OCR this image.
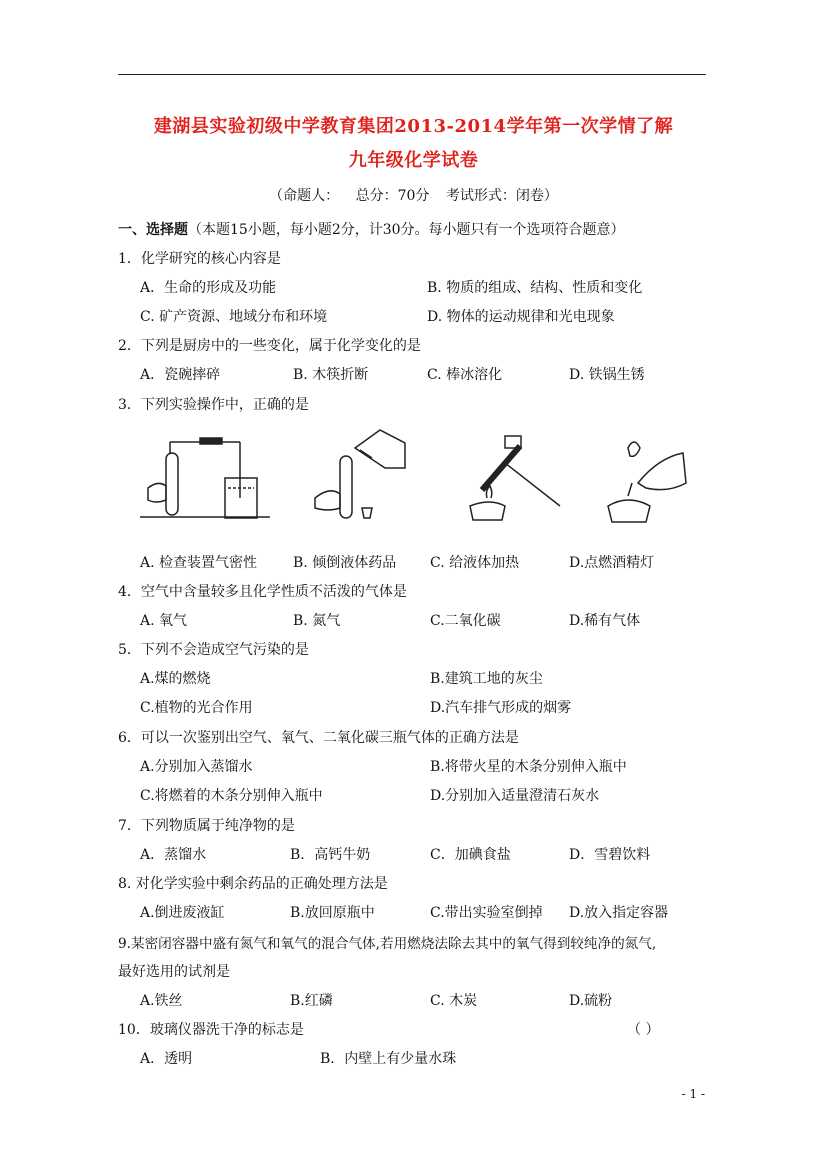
建湖县实验初级中学教育集团2013-2014学年第一次学情了解
九年级化学试卷
（命题人： 总分：70分 考试形式：闭卷）
一、选择题（本题15小题，每小题2分，计30分。每小题只有一个选项符合题意）
1．化学研究的核心内容是
A．生命的形成及功能	B. 物质的组成、结构、性质和变化
C. 矿产资源、地域分布和环境	D. 物体的运动规律和光电现象
2．下列是厨房中的一些变化，属于化学变化的是
A．瓷碗摔碎	B. 木筷折断	C. 棒冰溶化	D. 铁锅生锈
3．下列实验操作中，正确的是
A. 检查装置气密性	B. 倾倒液体药品 C. 给液体加热	D.点燃酒精灯
4．空气中含量较多且化学性质不活泼的气体是
A. 氧气	B. 氮气	C.二氧化碳	D.稀有气体
5．下列不会造成空气污染的是
A.煤的燃烧	B.建筑工地的灰尘
C.植物的光合作用	D.汽车排气形成的烟雾
6．可以一次鉴别出空气、氧气、二氧化碳三瓶气体的正确方法是
A.分别加入蒸馏水	B.将带火星的木条分别伸入瓶中
C.将燃着的木条分别伸入瓶中	D.分别加入适量澄清石灰水
7．下列物质属于纯净物的是
A．蒸馏水	B．高钙牛奶	C．加碘食盐	D．雪碧饮料
8. 对化学实验中剩余药品的正确处理方法是
A.倒进废液缸	B.放回原瓶中	C.带出实验室倒掉 D.放入指定容器
9.某密闭容器中盛有氮气和氧气的混合气体,若用燃烧法除去其中的氧气得到较纯净的氮气,
最好选用的试剂是
A.铁丝	B.红磷	C. 木炭	D.硫粉
10．玻璃仪器洗干净的标志是	（ ）
A．透明	B．内壁上有少量水珠
- 1 -
